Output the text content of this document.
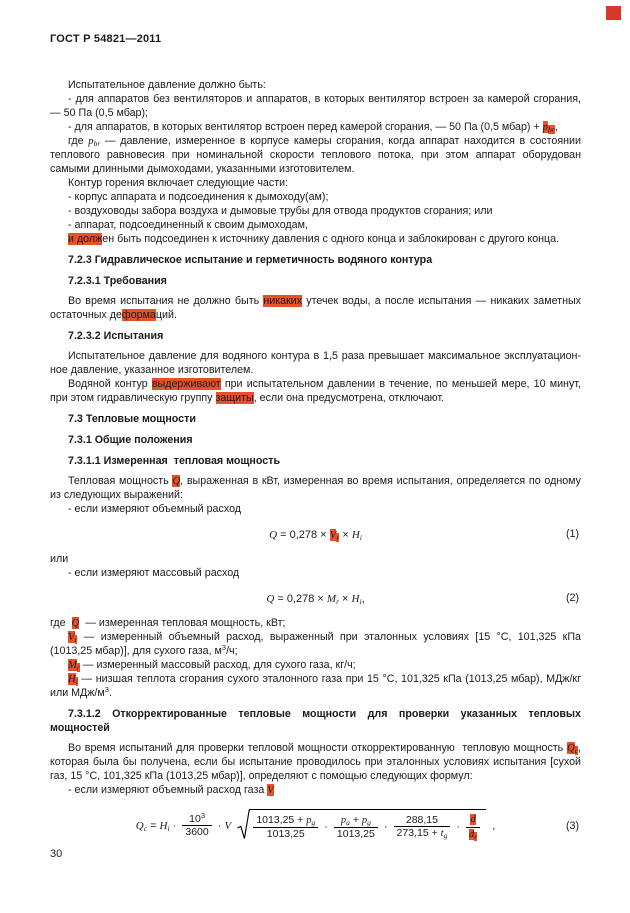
ГОСТ Р 54821—2011

Испытательное давление должно быть:

- для аппаратов без вентиляторов и аппаратов, в которых вентилятор встроен за камерой сгорания, — 50 Па (0,5 мбар);

- для аппаратов, в которых вентилятор встроен перед камерой сгорания, — 50 Па (0,5 мбар) + $p_{br}$,

где $p_{br}$ — давление, измеренное в корпусе камеры сгорания, когда аппарат находится в состоянии теплового равновесия при номинальной скорости теплового потока, при этом аппарат оборудован самыми длинными дымоходами, указанными изготовителем.

Контур горения включает следующие части:

- корпус аппарата и подсоединения к дымоходу(ам);

- воздуховоды забора воздуха и дымовые трубы для отвода продуктов сгорания; или

- аппарат, подсоединенный к своим дымоходам,

и должен быть подсоединен к источнику давления с одного конца и заблокирован с другого конца.

7.2.3 Гидравлическое испытание и герметичность водяного контура

7.2.3.1 Требования

Во время испытания не должно быть никаких утечек воды, а после испытания — никаких заметных остаточных деформаций.

7.2.3.2 Испытания

Испытательное давление для водяного контура в 1,5 раза превышает максимальное эксплуатационное давление, указанное изготовителем.

Водяной контур выдерживают при испытательном давлении в течение, по меньшей мере, 10 минут, при этом гидравлическую группу защиты, если она предусмотрена, отключают.

7.3 Тепловые мощности

7.3.1 Общие положения

7.3.1.1 Измеренная  тепловая мощность

Тепловая мощность Q, выраженная в кВт, измеренная во время испытания, определяется по одному из следующих выражений:

- если измеряют объемный расход

$Q = 0,278 \times V_r \times H_i$	(1)

или

- если измеряют массовый расход

$Q = 0,278 \times M_r \times H_i$,	(2)

где  Q  — измеренная тепловая мощность, кВт;

$V_r$ — измеренный объемный расход, выраженный при эталонных условиях [15 °C, 101,325 кПа (1013,25 мбар)], для сухого газа, $м^3/ч$;

$M_r$ — измеренный массовый расход, для сухого газа, кг/ч;

$H_i$ — низшая теплота сгорания сухого эталонного газа при 15 °C, 101,325 кПа (1013,25 мбар), МДж/кг или МДж/$м^3$.

7.3.1.2 Откорректированные тепловые мощности для проверки указанных тепловых мощностей

Во время испытаний для проверки тепловой мощности откорректированную  тепловую мощность $Q_c$, которая была бы получена, если бы испытание проводилось при эталонных условиях испытания [сухой газ, 15 °C, 101,325 кПа (1013,25 мбар)], определяют с помощью следующих формул:

- если измеряют объемный расход газа V

$Q_c = H_i \cdot \frac{10^3}{3600} \cdot V \frac{1013,25 + p_g}{1013,25} \cdot \frac{p_a + p_g}{1013,25} \cdot \frac{288,15}{273,15 + t_g} \cdot \frac{d}{d_r}$ ,	(3)
30
